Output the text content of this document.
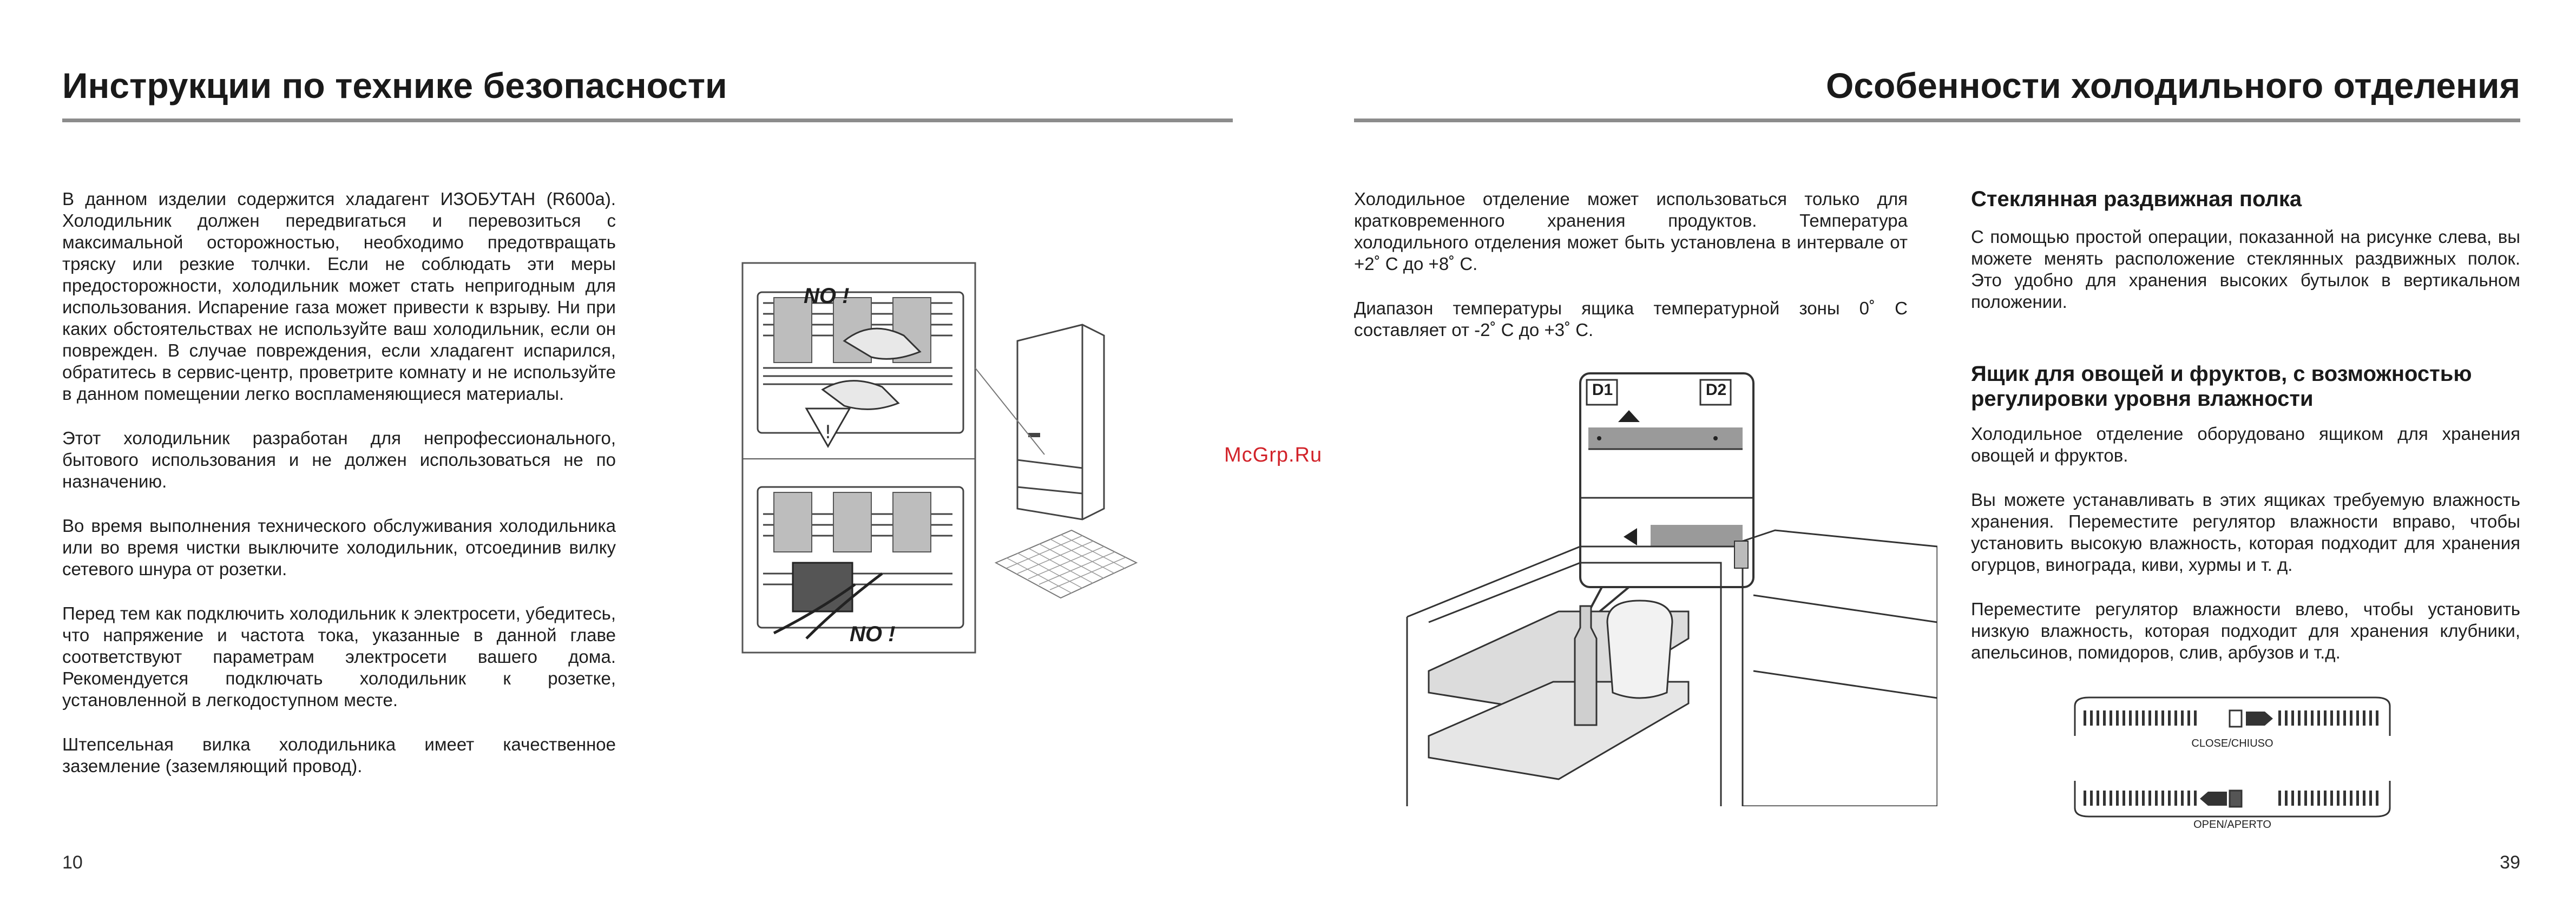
Инструкции по технике безопасности

В данном изделии содержится хладагент ИЗОБУТАН (R600a). Холодильник должен передвигаться и перевозиться с максимальной осторожностью, необходимо предотвращать тряску или резкие толчки. Если не соблюдать эти меры предосторожности, холодильник может стать непригодным для использования. Испарение газа может привести к взрыву. Ни при каких обстоятельствах не используйте ваш холодильник, если он поврежден. В случае повреждения, если хладагент испарился, обратитесь в сервис-центр, проветрите комнату и не используйте в данном помещении легко воспламеняющиеся материалы.

Этот холодильник разработан для непрофессионального, бытового использования и не должен использоваться не по назначению.

Во время выполнения технического обслуживания холодильника или во время чистки выключите холодильник, отсоединив вилку сетевого шнура от розетки.

Перед тем как подключить холодильник к электросети, убедитесь, что напряжение и частота тока, указанные в данной главе соответствуют параметрам электросети вашего дома. Рекомендуется подключать холодильник к розетке, установленной в легкодоступном месте.

Штепсельная вилка холодильника имеет качественное заземление (заземляющий провод).

!
NO !
NO !
10
McGrp.Ru
Особенности холодильного отделения

Холодильное отделение может использоваться только для кратковременного хранения продуктов. Температура холодильного отделения может быть установлена в интервале от +2˚ C до +8˚ C.

Диапазон температуры ящика температурной зоны 0˚ C составляет от -2˚ C до +3˚ C.

D1	D2
Стеклянная раздвижная полка

С помощью простой операции, показанной на рисунке слева, вы можете менять расположение стеклянных раздвижных полок. Это удобно для хранения высоких бутылок в вертикальном положении.

Ящик для овощей и фруктов, с возможностью регулировки уровня влажности

Холодильное отделение оборудовано ящиком для хранения овощей и фруктов.

Вы можете устанавливать в этих ящиках требуемую влажность хранения. Переместите регулятор влажности вправо, чтобы установить высокую влажность, которая подходит для хранения огурцов, винограда, киви, хурмы и т. д.

Переместите регулятор влажности влево, чтобы установить низкую влажность, которая подходит для хранения клубники, апельсинов, помидоров, слив, арбузов и т.д.

CLOSE/CHIUSO
OPEN/APERTO
39
